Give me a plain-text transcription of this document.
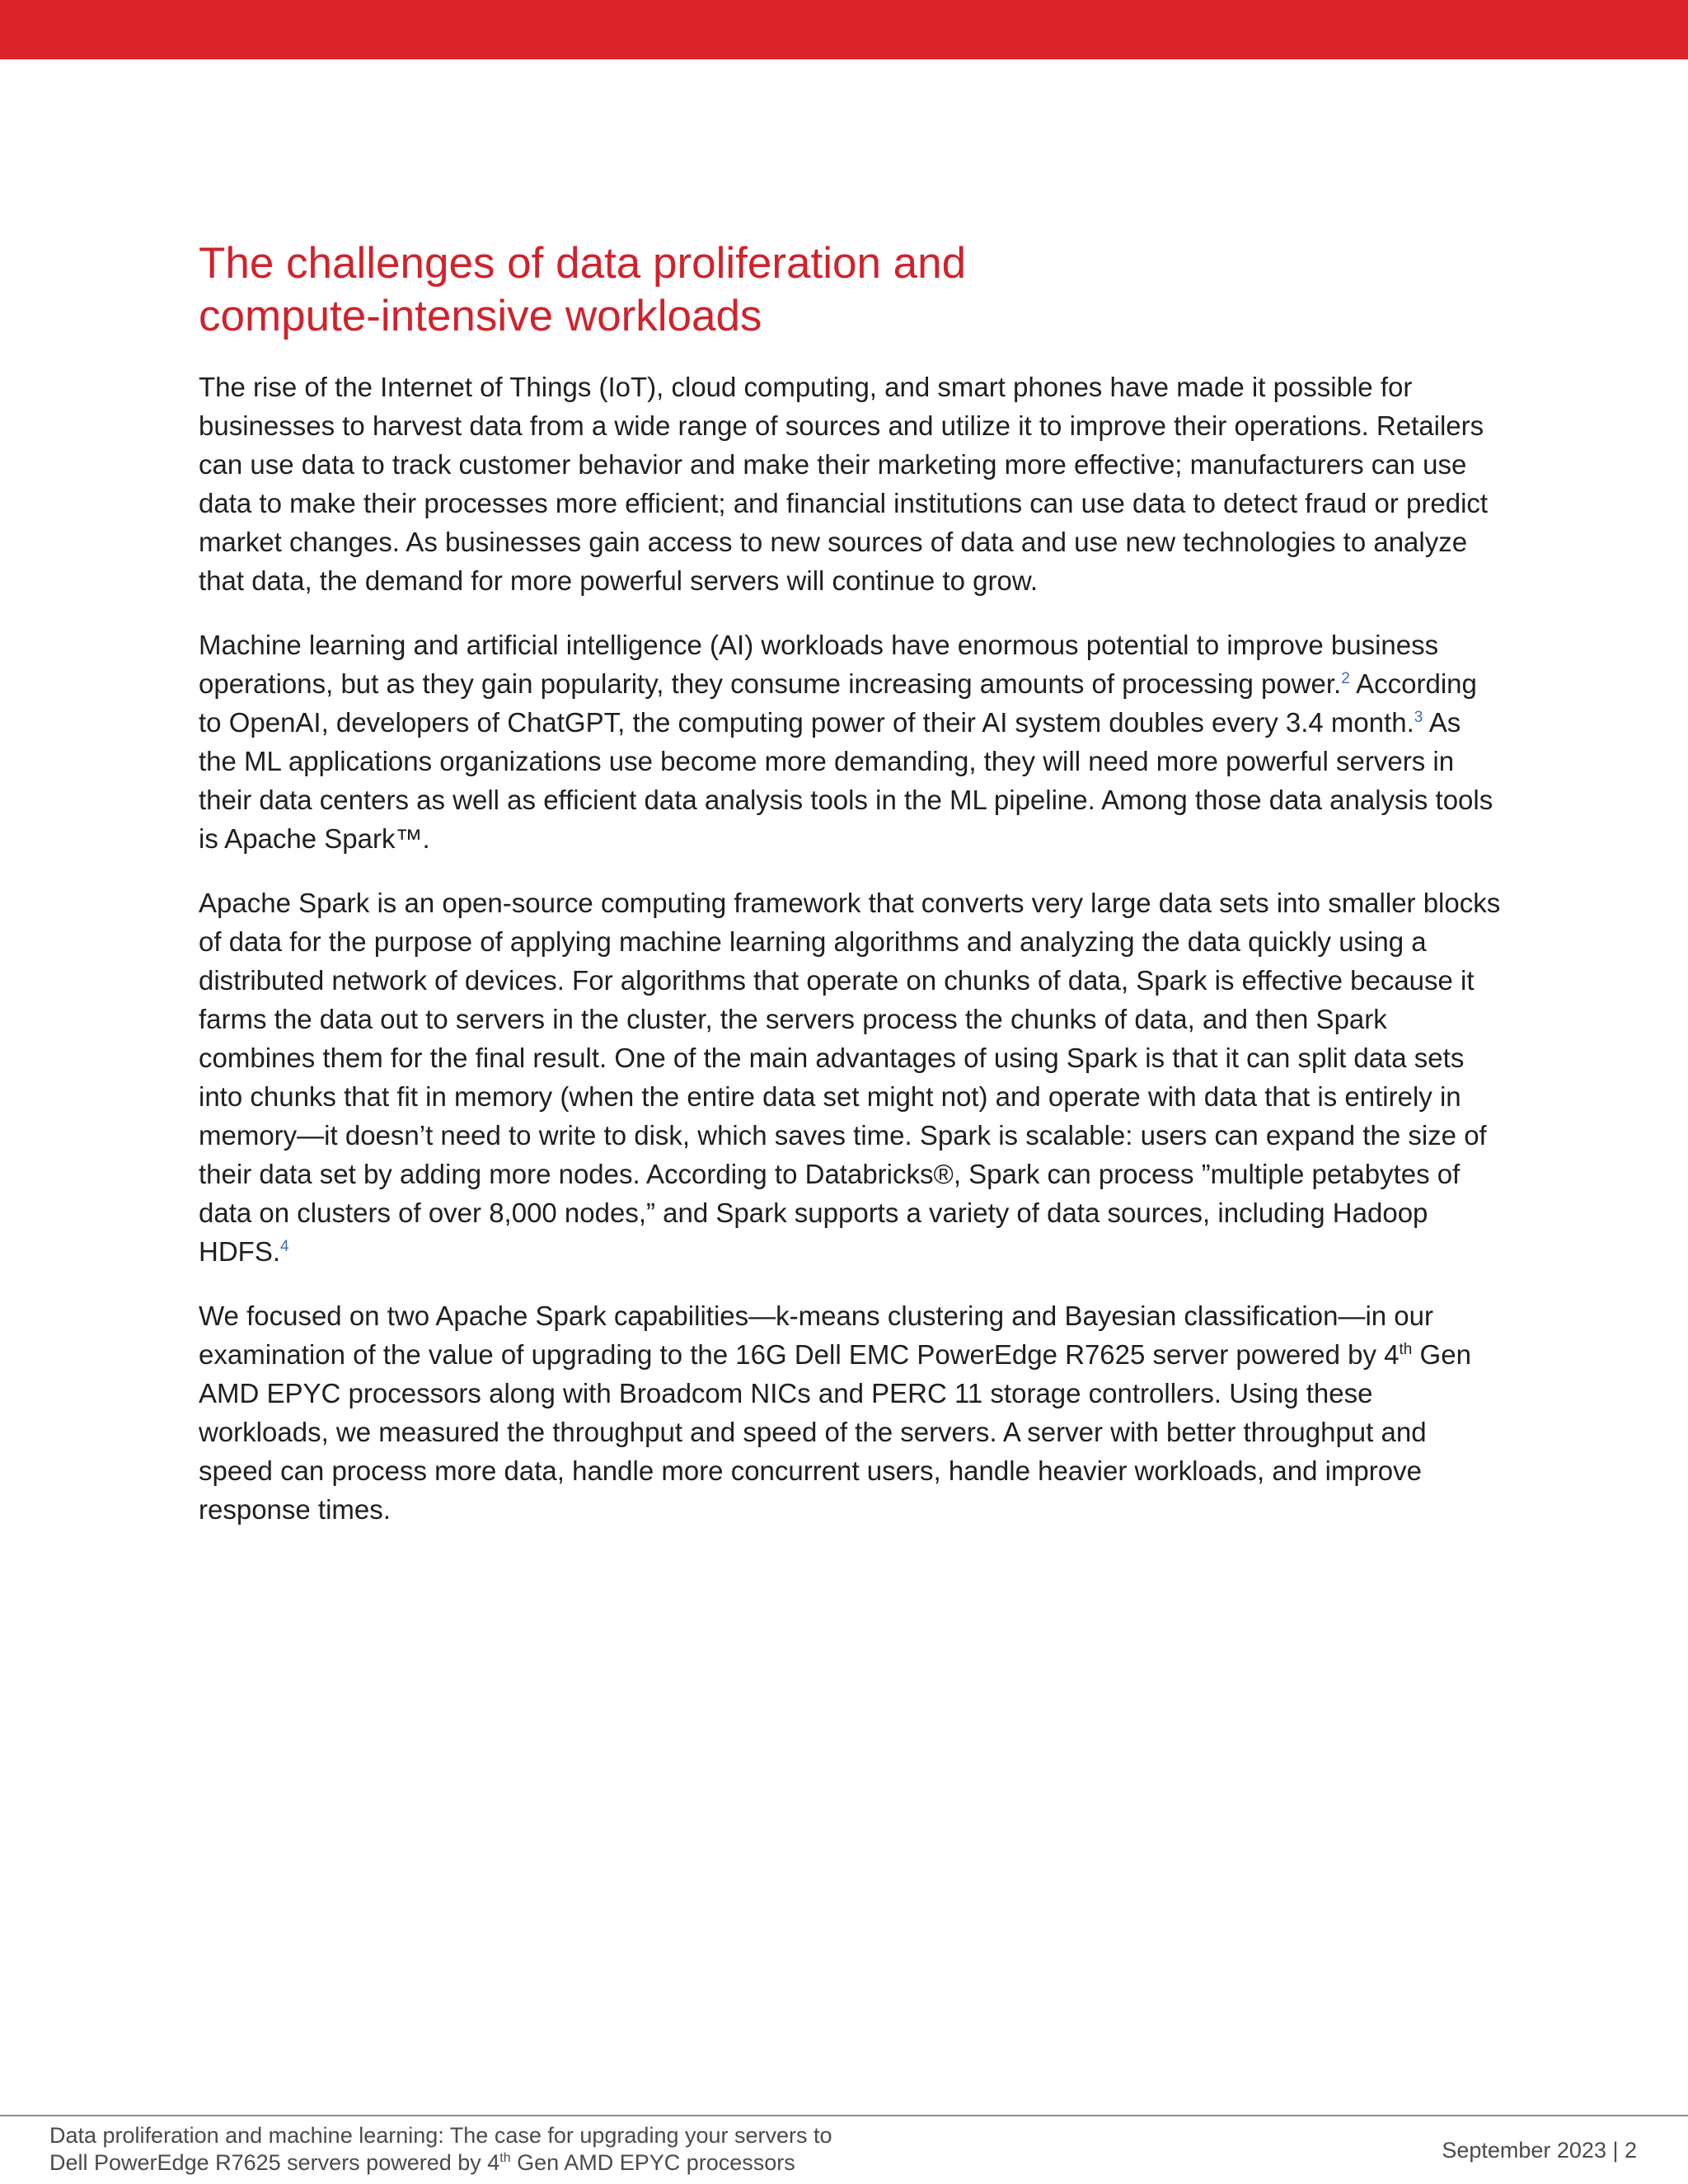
The challenges of data proliferation and
compute-intensive workloads

The rise of the Internet of Things (IoT), cloud computing, and smart phones have made it possible for businesses to harvest data from a wide range of sources and utilize it to improve their operations. Retailers can use data to track customer behavior and make their marketing more effective; manufacturers can use data to make their processes more efficient; and financial institutions can use data to detect fraud or predict market changes. As businesses gain access to new sources of data and use new technologies to analyze that data, the demand for more powerful servers will continue to grow.

Machine learning and artificial intelligence (AI) workloads have enormous potential to improve business operations, but as they gain popularity, they consume increasing amounts of processing power.$^2$ According to OpenAI, developers of ChatGPT, the computing power of their AI system doubles every 3.4 month.$^3$ As the ML applications organizations use become more demanding, they will need more powerful servers in their data centers as well as efficient data analysis tools in the ML pipeline. Among those data analysis tools is Apache Spark™.

Apache Spark is an open-source computing framework that converts very large data sets into smaller blocks of data for the purpose of applying machine learning algorithms and analyzing the data quickly using a distributed network of devices. For algorithms that operate on chunks of data, Spark is effective because it farms the data out to servers in the cluster, the servers process the chunks of data, and then Spark combines them for the final result. One of the main advantages of using Spark is that it can split data sets into chunks that fit in memory (when the entire data set might not) and operate with data that is entirely in memory—it doesn’t need to write to disk, which saves time. Spark is scalable: users can expand the size of their data set by adding more nodes. According to Databricks®, Spark can process ”multiple petabytes of data on clusters of over 8,000 nodes,” and Spark supports a variety of data sources, including Hadoop HDFS.$^4$

We focused on two Apache Spark capabilities—k-means clustering and Bayesian classification—in our examination of the value of upgrading to the 16G Dell EMC PowerEdge R7625 server powered by 4th Gen AMD EPYC processors along with Broadcom NICs and PERC 11 storage controllers. Using these workloads, we measured the throughput and speed of the servers. A server with better throughput and speed can process more data, handle more concurrent users, handle heavier workloads, and improve response times.

Data proliferation and machine learning: The case for upgrading your servers to
Dell PowerEdge R7625 servers powered by 4th Gen AMD EPYC processors	September 2023 | 2
